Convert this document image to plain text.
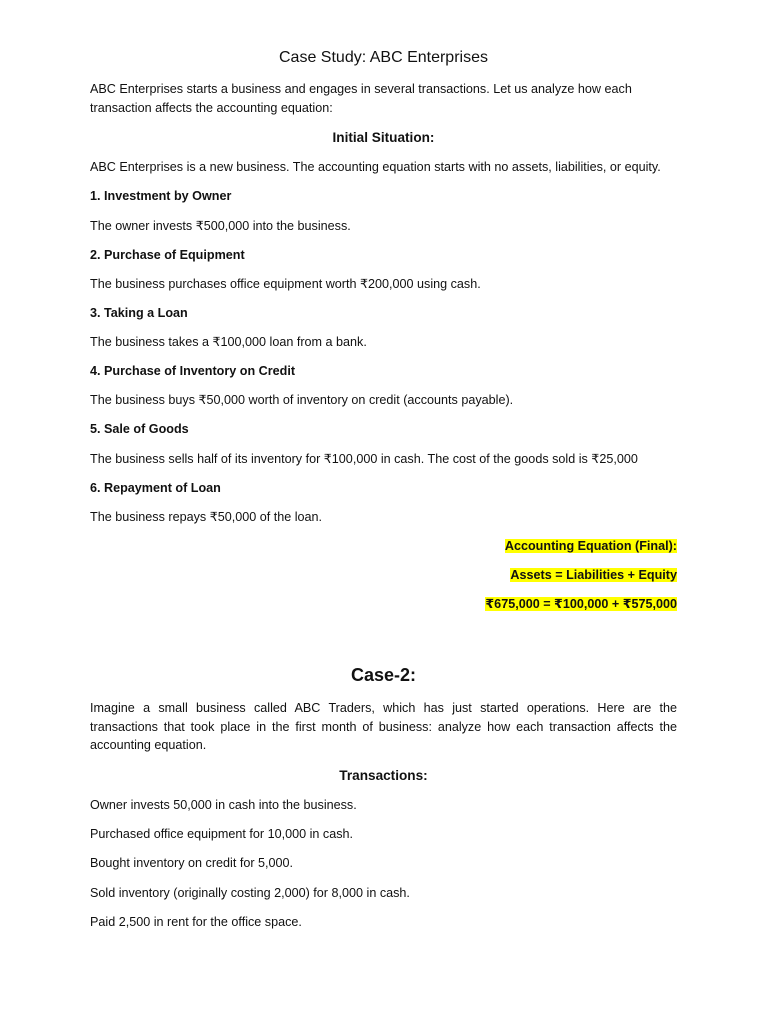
Case Study: ABC Enterprises

ABC Enterprises starts a business and engages in several transactions. Let us analyze how each transaction affects the accounting equation:

Initial Situation:

ABC Enterprises is a new business. The accounting equation starts with no assets, liabilities, or equity.

1. Investment by Owner

The owner invests ₹500,000 into the business.

2. Purchase of Equipment

The business purchases office equipment worth ₹200,000 using cash.

3. Taking a Loan

The business takes a ₹100,000 loan from a bank.

4. Purchase of Inventory on Credit

The business buys ₹50,000 worth of inventory on credit (accounts payable).

5. Sale of Goods

The business sells half of its inventory for ₹100,000 in cash. The cost of the goods sold is ₹25,000

6. Repayment of Loan

The business repays ₹50,000 of the loan.

Accounting Equation (Final):

Assets = Liabilities + Equity

₹675,000 = ₹100,000 + ₹575,000

Case-2:

Imagine a small business called ABC Traders, which has just started operations. Here are the transactions that took place in the first month of business: analyze how each transaction affects the accounting equation.

Transactions:

Owner invests 50,000 in cash into the business.

Purchased office equipment for 10,000 in cash.

Bought inventory on credit for 5,000.

Sold inventory (originally costing 2,000) for 8,000 in cash.

Paid 2,500 in rent for the office space.
